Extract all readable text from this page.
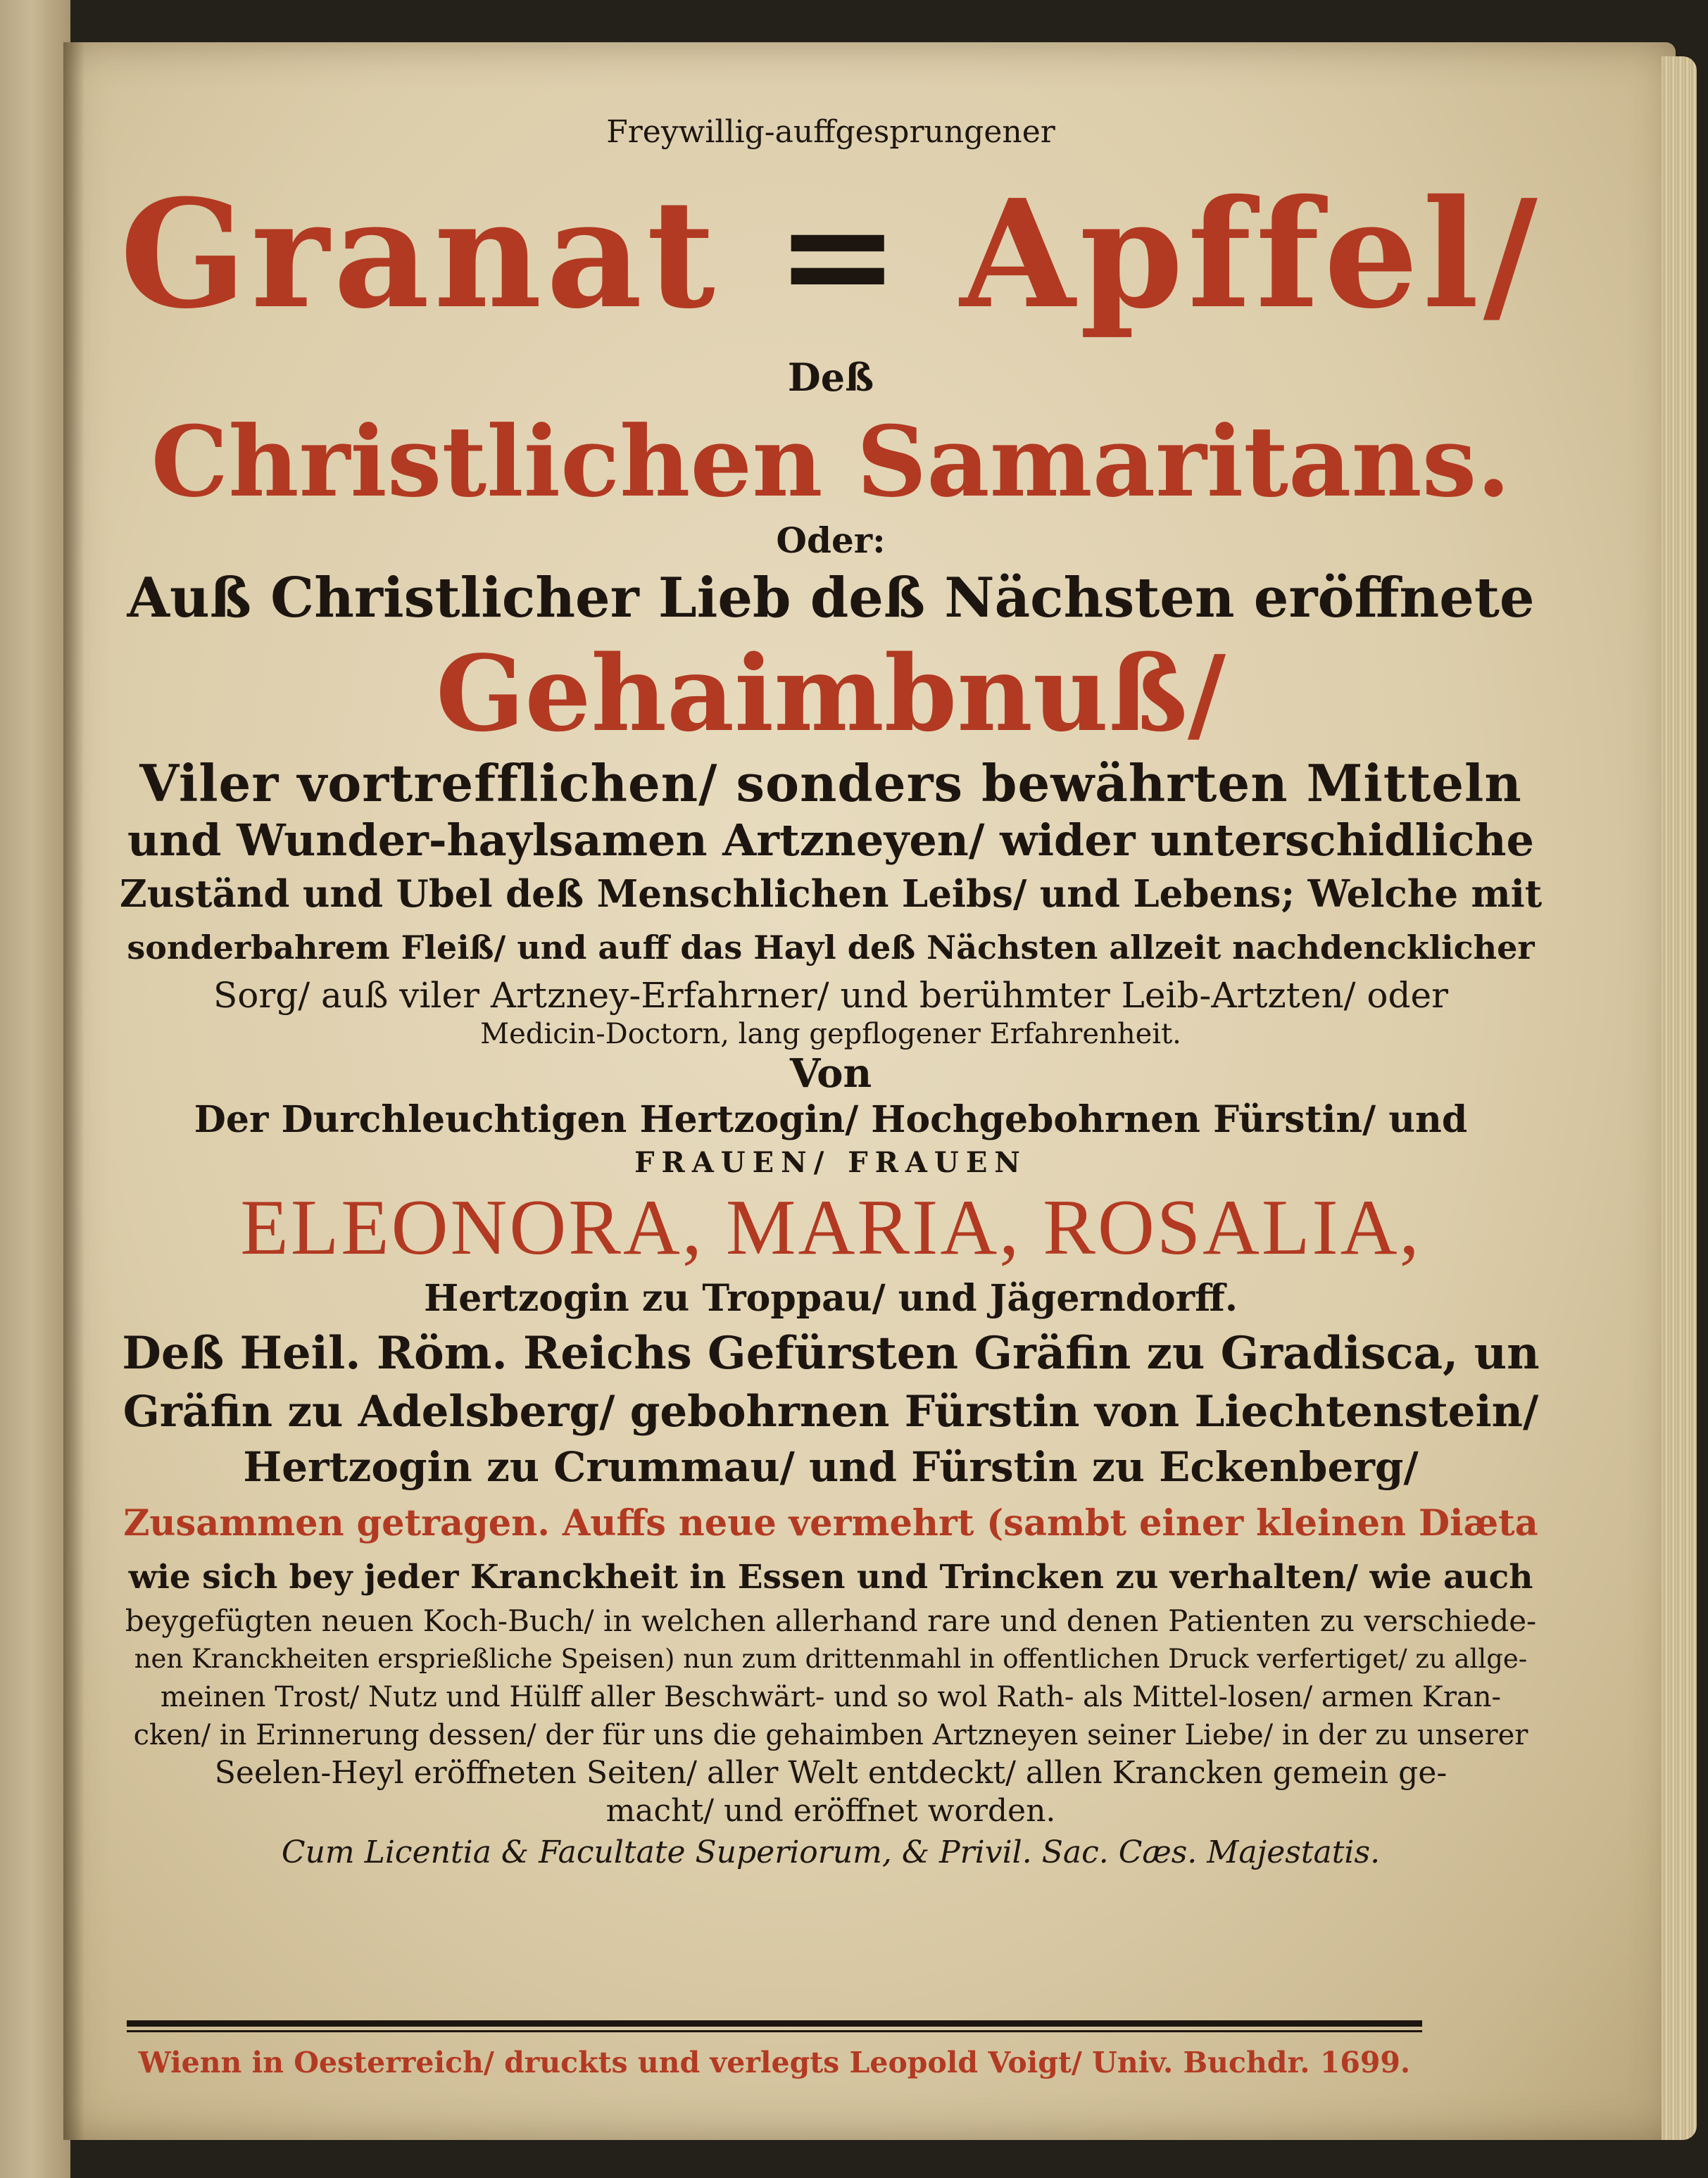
Freywillig-auffgesprungener
Granat = Apffel/
Deß
Christlichen Samaritans.
Oder:
Auß Christlicher Lieb deß Nächsten eröffnete
Gehaimbnuß/
Viler vortrefflichen/ sonders bewährten Mitteln
und Wunder-haylsamen Artzneyen/ wider unterschidliche
Zuständ und Ubel deß Menschlichen Leibs/ und Lebens; Welche mit
sonderbahrem Fleiß/ und auff das Hayl deß Nächsten allzeit nachdencklicher
Sorg/ auß viler Artzney-Erfahrner/ und berühmter Leib-Artzten/ oder
Medicin-Doctorn, lang gepflogener Erfahrenheit.
Von
Der Durchleuchtigen Hertzogin/ Hochgebohrnen Fürstin/ und
FRAUEN/ FRAUEN
ELEONORA, MARIA, ROSALIA,
Hertzogin zu Troppau/ und Jägerndorff.
Deß Heil. Röm. Reichs Gefürsten Gräfin zu Gradisca, un
Gräfin zu Adelsberg/ gebohrnen Fürstin von Liechtenstein/
Hertzogin zu Crummau/ und Fürstin zu Eckenberg/
Zusammen getragen. Auffs neue vermehrt (sambt einer kleinen Diæta
wie sich bey jeder Kranckheit in Essen und Trincken zu verhalten/ wie auch
beygefügten neuen Koch-Buch/ in welchen allerhand rare und denen Patienten zu verschiede-
nen Kranckheiten ersprießliche Speisen) nun zum drittenmahl in offentlichen Druck verfertiget/ zu allge-
meinen Trost/ Nutz und Hülff aller Beschwärt- und so wol Rath- als Mittel-losen/ armen Kran-
cken/ in Erinnerung dessen/ der für uns die gehaimben Artzneyen seiner Liebe/ in der zu unserer
Seelen-Heyl eröffneten Seiten/ aller Welt entdeckt/ allen Krancken gemein ge-
macht/ und eröffnet worden.
Cum Licentia & Facultate Superiorum, & Privil. Sac. Cæs. Majestatis.
Wienn in Oesterreich/ druckts und verlegts Leopold Voigt/ Univ. Buchdr. 1699.
